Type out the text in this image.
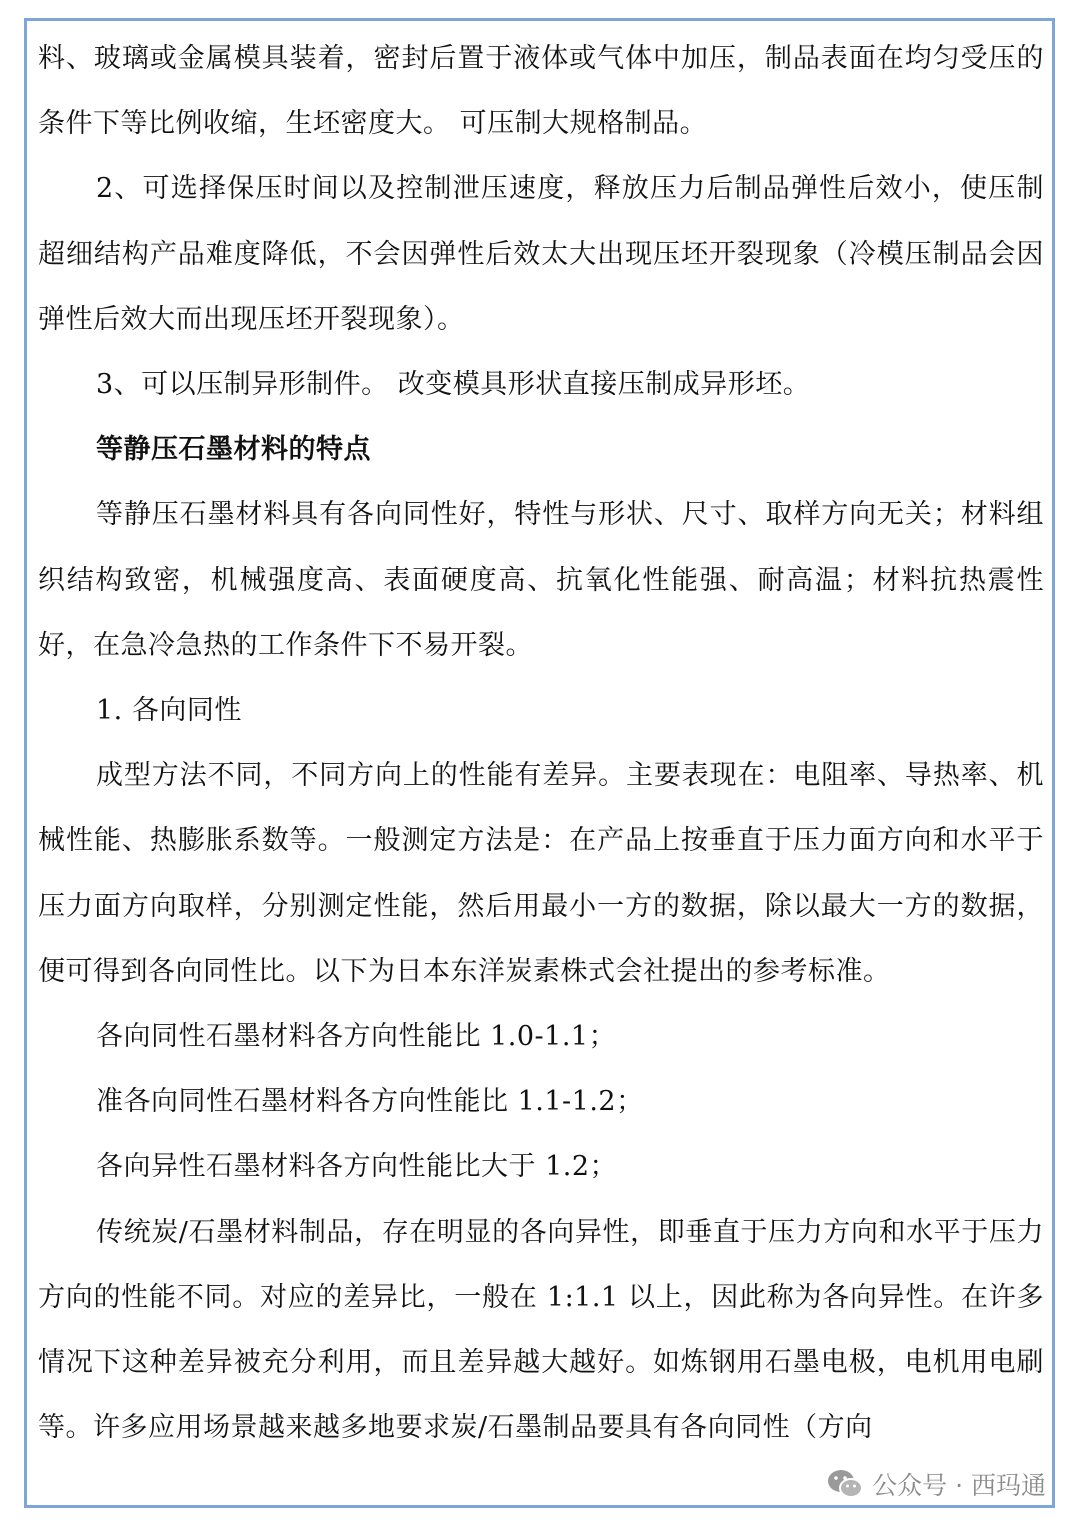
料、玻璃或金属模具装着，密封后置于液体或气体中加压，制品表面在均匀受压的条件下等比例收缩，生坯密度大。 可压制大规格制品。

2、可选择保压时间以及控制泄压速度，释放压力后制品弹性后效小，使压制超细结构产品难度降低，不会因弹性后效太大出现压坯开裂现象（冷模压制品会因弹性后效大而出现压坯开裂现象）。

3、可以压制异形制件。 改变模具形状直接压制成异形坯。

等静压石墨材料的特点

等静压石墨材料具有各向同性好，特性与形状、尺寸、取样方向无关；材料组织结构致密，机械强度高、表面硬度高、抗氧化性能强、耐高温；材料抗热震性好，在急冷急热的工作条件下不易开裂。

1. 各向同性

成型方法不同，不同方向上的性能有差异。主要表现在：电阻率、导热率、机械性能、热膨胀系数等。一般测定方法是：在产品上按垂直于压力面方向和水平于压力面方向取样，分别测定性能，然后用最小一方的数据，除以最大一方的数据，便可得到各向同性比。以下为日本东洋炭素株式会社提出的参考标准。

各向同性石墨材料各方向性能比 1.0-1.1；

准各向同性石墨材料各方向性能比 1.1-1.2；

各向异性石墨材料各方向性能比大于 1.2；

传统炭/石墨材料制品，存在明显的各向异性，即垂直于压力方向和水平于压力方向的性能不同。对应的差异比，一般在 1:1.1 以上，因此称为各向异性。在许多情况下这种差异被充分利用，而且差异越大越好。如炼钢用石墨电极，电机用电刷等。许多应用场景越来越多地要求炭/石墨制品要具有各向同性（方向

公众号 · 西玛通
